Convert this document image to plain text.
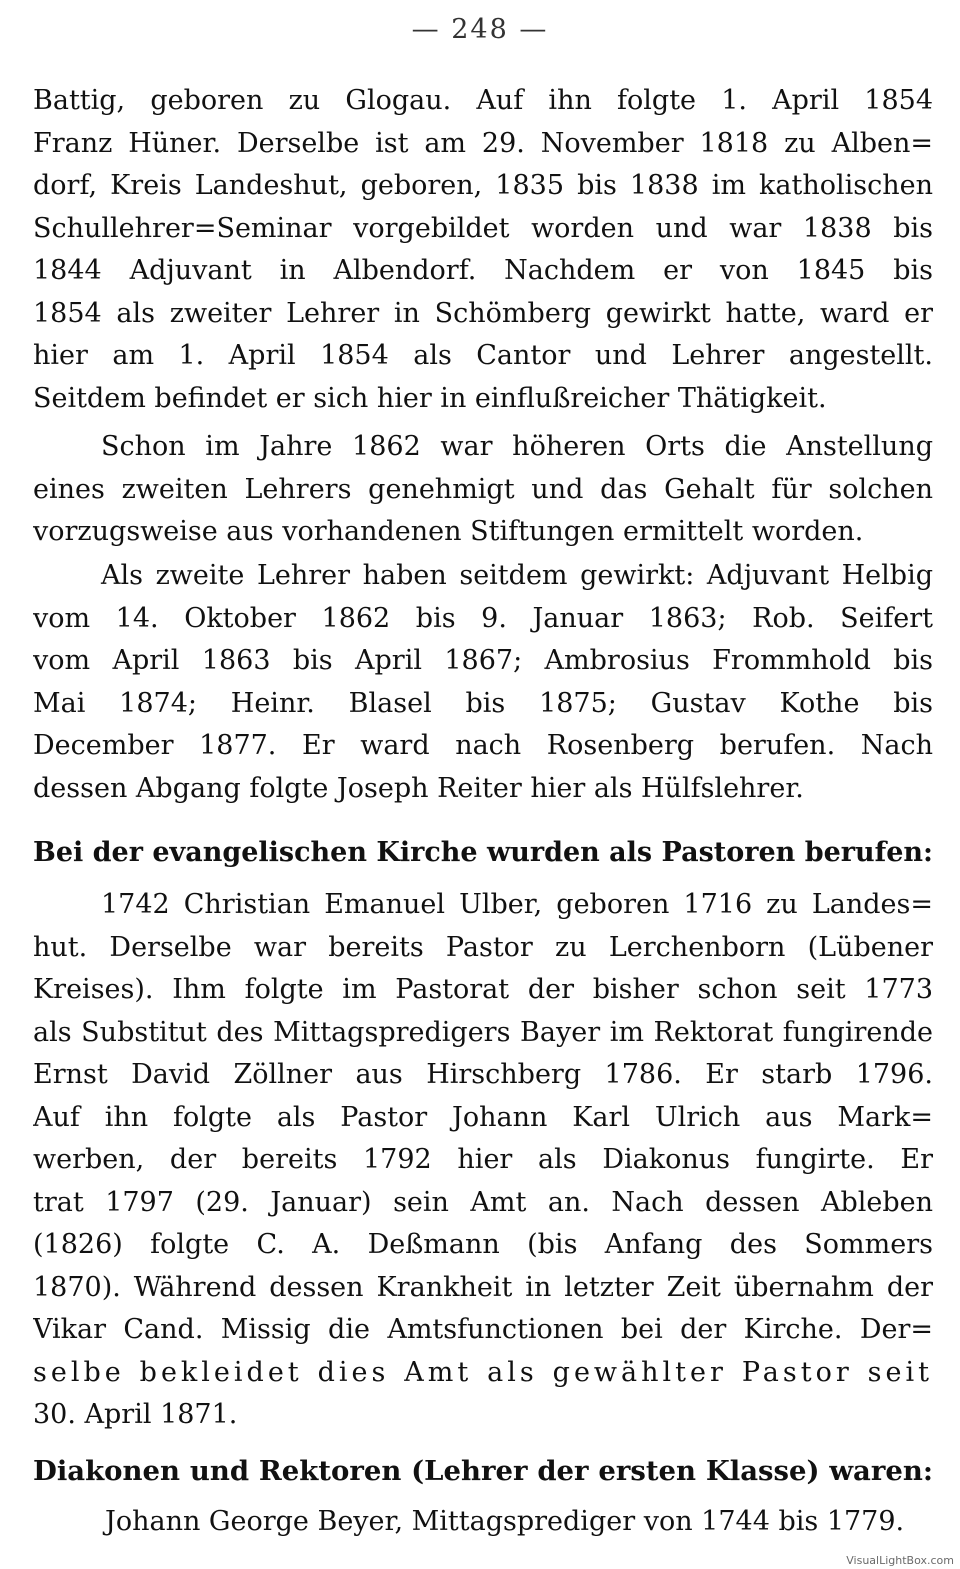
— 248 —
Battig, geboren zu Glogau. Auf ihn folgte 1. April 1854
Franz Hüner. Derselbe ist am 29. November 1818 zu Alben=
dorf, Kreis Landeshut, geboren, 1835 bis 1838 im katholischen
Schullehrer=Seminar vorgebildet worden und war 1838 bis
1844 Adjuvant in Albendorf. Nachdem er von 1845 bis
1854 als zweiter Lehrer in Schömberg gewirkt hatte, ward er
hier am 1. April 1854 als Cantor und Lehrer angestellt.
Seitdem befindet er sich hier in einflußreicher Thätigkeit.
Schon im Jahre 1862 war höheren Orts die Anstellung
eines zweiten Lehrers genehmigt und das Gehalt für solchen
vorzugsweise aus vorhandenen Stiftungen ermittelt worden.
Als zweite Lehrer haben seitdem gewirkt: Adjuvant Helbig
vom 14. Oktober 1862 bis 9. Januar 1863; Rob. Seifert
vom April 1863 bis April 1867; Ambrosius Frommhold bis
Mai 1874; Heinr. Blasel bis 1875; Gustav Kothe bis
December 1877. Er ward nach Rosenberg berufen. Nach
dessen Abgang folgte Joseph Reiter hier als Hülfslehrer.
Bei der evangelischen Kirche wurden als Pastoren berufen:
1742 Christian Emanuel Ulber, geboren 1716 zu Landes=
hut. Derselbe war bereits Pastor zu Lerchenborn (Lübener
Kreises). Ihm folgte im Pastorat der bisher schon seit 1773
als Substitut des Mittagspredigers Bayer im Rektorat fungirende
Ernst David Zöllner aus Hirschberg 1786. Er starb 1796.
Auf ihn folgte als Pastor Johann Karl Ulrich aus Mark=
werben, der bereits 1792 hier als Diakonus fungirte. Er
trat 1797 (29. Januar) sein Amt an. Nach dessen Ableben
(1826) folgte C. A. Deßmann (bis Anfang des Sommers
1870). Während dessen Krankheit in letzter Zeit übernahm der
Vikar Cand. Missig die Amtsfunctionen bei der Kirche. Der=
selbe bekleidet dies Amt als gewählter Pastor seit
30. April 1871.
Diakonen und Rektoren (Lehrer der ersten Klasse) waren:
Johann George Beyer, Mittagsprediger von 1744 bis 1779.
VisualLightBox.com
